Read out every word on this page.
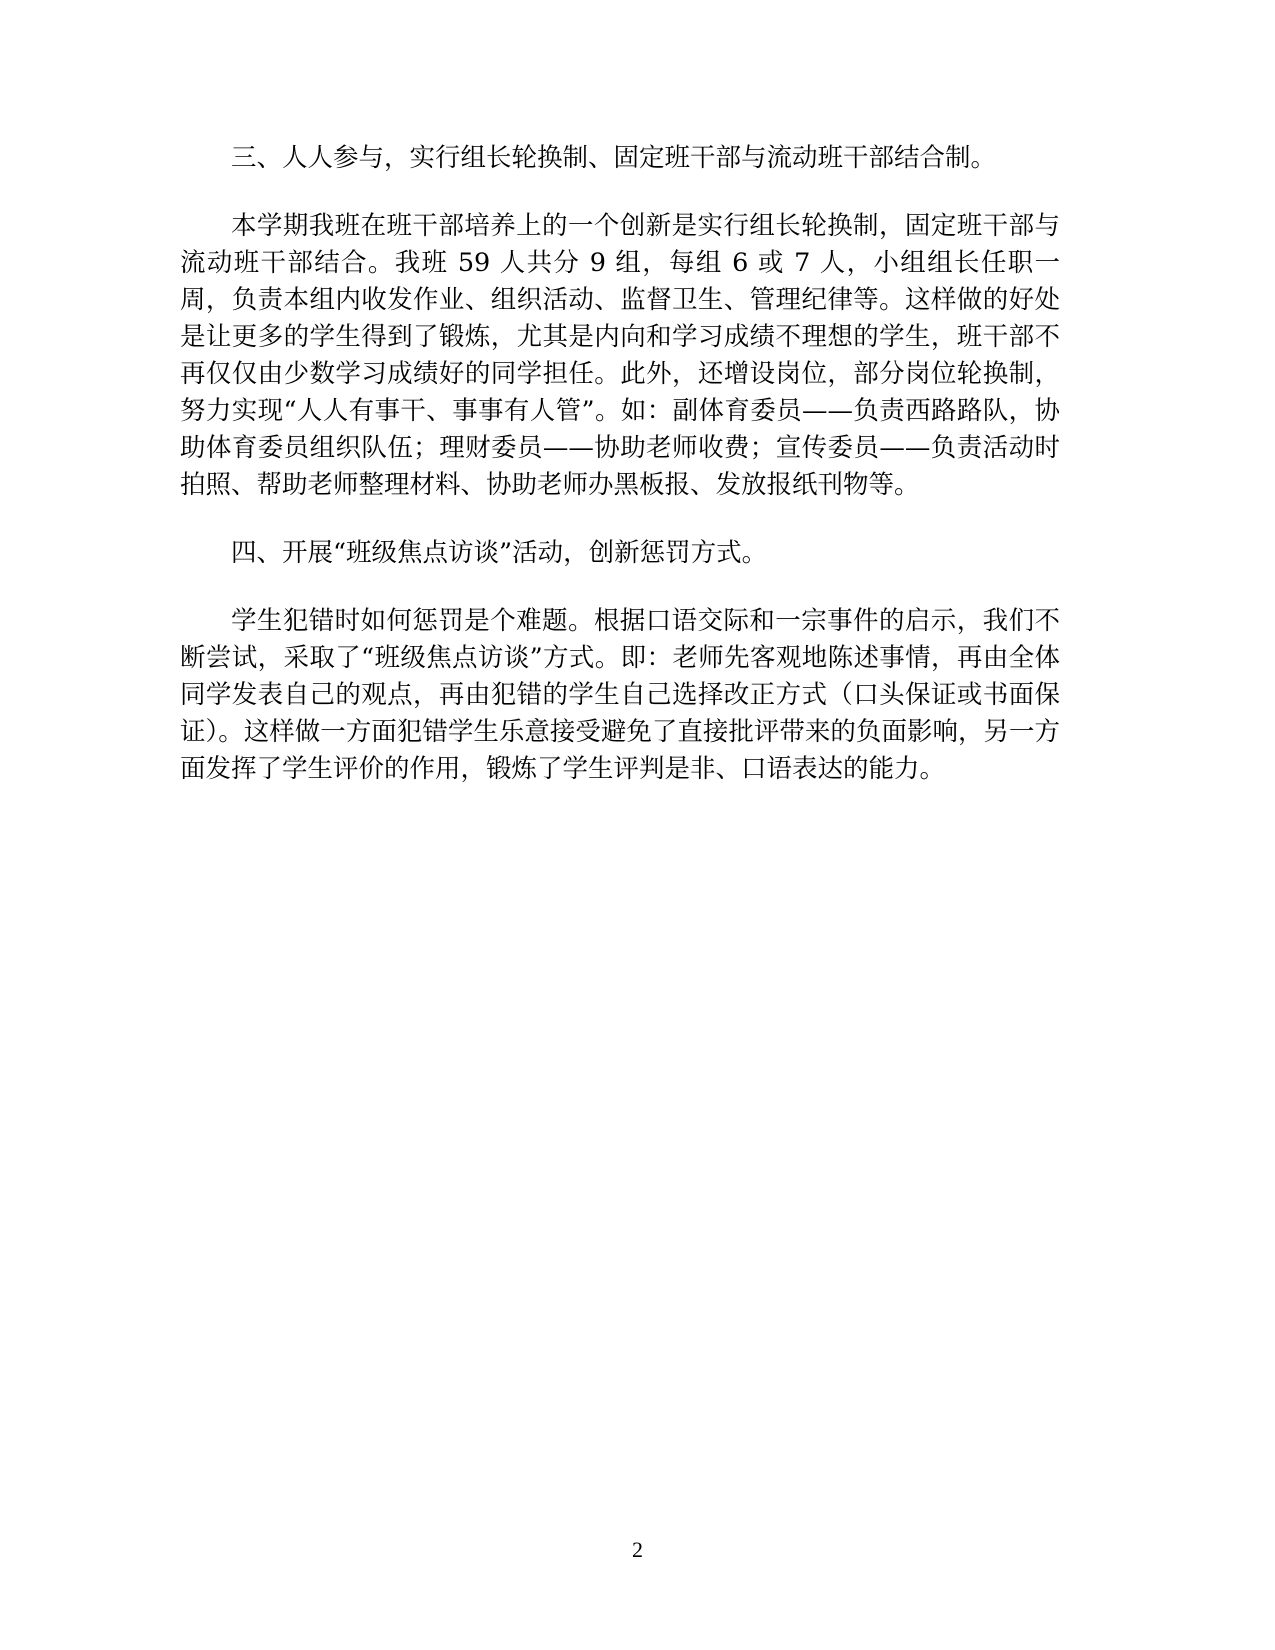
三、人人参与，实行组长轮换制、固定班干部与流动班干部结合制。

本学期我班在班干部培养上的一个创新是实行组长轮换制，固定班干部与流动班干部结合。我班 59 人共分 9 组，每组 6 或 7 人，小组组长任职一周，负责本组内收发作业、组织活动、监督卫生、管理纪律等。这样做的好处是让更多的学生得到了锻炼，尤其是内向和学习成绩不理想的学生，班干部不再仅仅由少数学习成绩好的同学担任。此外，还增设岗位，部分岗位轮换制，努力实现“人人有事干、事事有人管”。如：副体育委员——负责西路路队，协助体育委员组织队伍；理财委员——协助老师收费；宣传委员——负责活动时拍照、帮助老师整理材料、协助老师办黑板报、发放报纸刊物等。

四、开展“班级焦点访谈”活动，创新惩罚方式。

学生犯错时如何惩罚是个难题。根据口语交际和一宗事件的启示，我们不断尝试，采取了“班级焦点访谈”方式。即：老师先客观地陈述事情，再由全体同学发表自己的观点，再由犯错的学生自己选择改正方式（口头保证或书面保证）。这样做一方面犯错学生乐意接受避免了直接批评带来的负面影响，另一方面发挥了学生评价的作用，锻炼了学生评判是非、口语表达的能力。

2
